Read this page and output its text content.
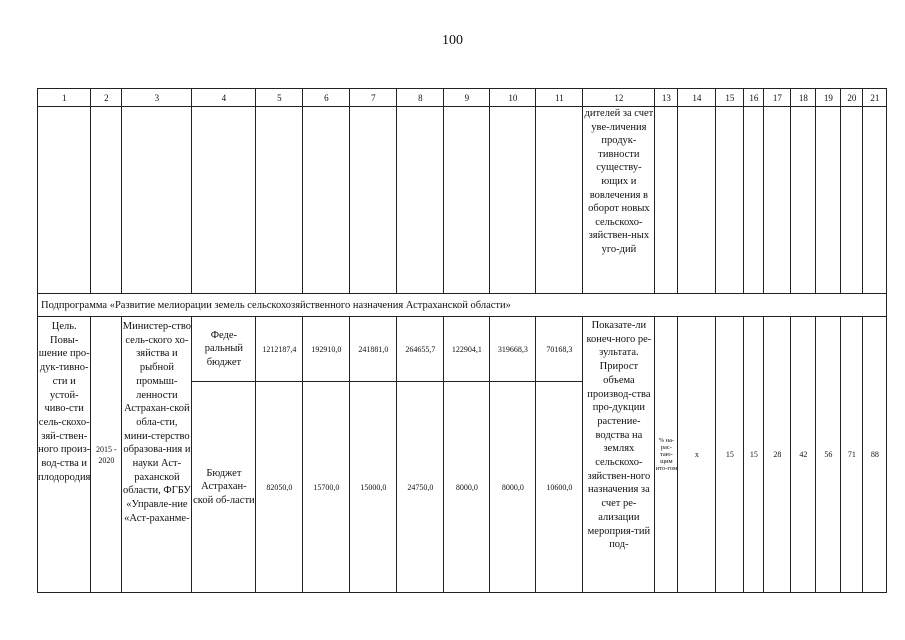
100
1	2	3	4	5	6	7	8	9	10	11	12	13	14	15	16	17	18	19	20	21
											дителей за счет уве-личения продук-тивности существу-ющих и вовлечения в оборот новых сельскохо-зяйствен-ных уго-дий									
Подпрограмма «Развитие мелиорации земель сельскохозяйственного назначения Астраханской области»																				
Цель. Повы-шение про-дук-тивно-сти и устой-чиво-сти сель-скохо-зяй-ствен-ного произ-вод-ства и плодородия	2015 - 2020	Министер-ство сель-ского хо-зяйства и рыбной промыш-ленности Астрахан-ской обла-сти, мини-стерство образова-ния и науки Аст-раханской области, ФГБУ «Управле-ние «Аст-раханме-	Феде-ральный бюджет	1212187,4	192910,0	241881,0	264655,7	122904,1	319668,3	70168,3	Показате-ли конеч-ного ре-зультата. Прирост объема производ-ства про-дукции растение-водства на землях сельскохо-зяйствен-ного назначения за счет ре-ализации мероприя-тий под-	% на-рас-таю-щим ито-гом	х	15	15	28	42	56	71	88
			Бюджет Астрахан-ской об-ласти	82050,0	15700,0	15000,0	24750,0	8000,0	8000,0	10600,0										
